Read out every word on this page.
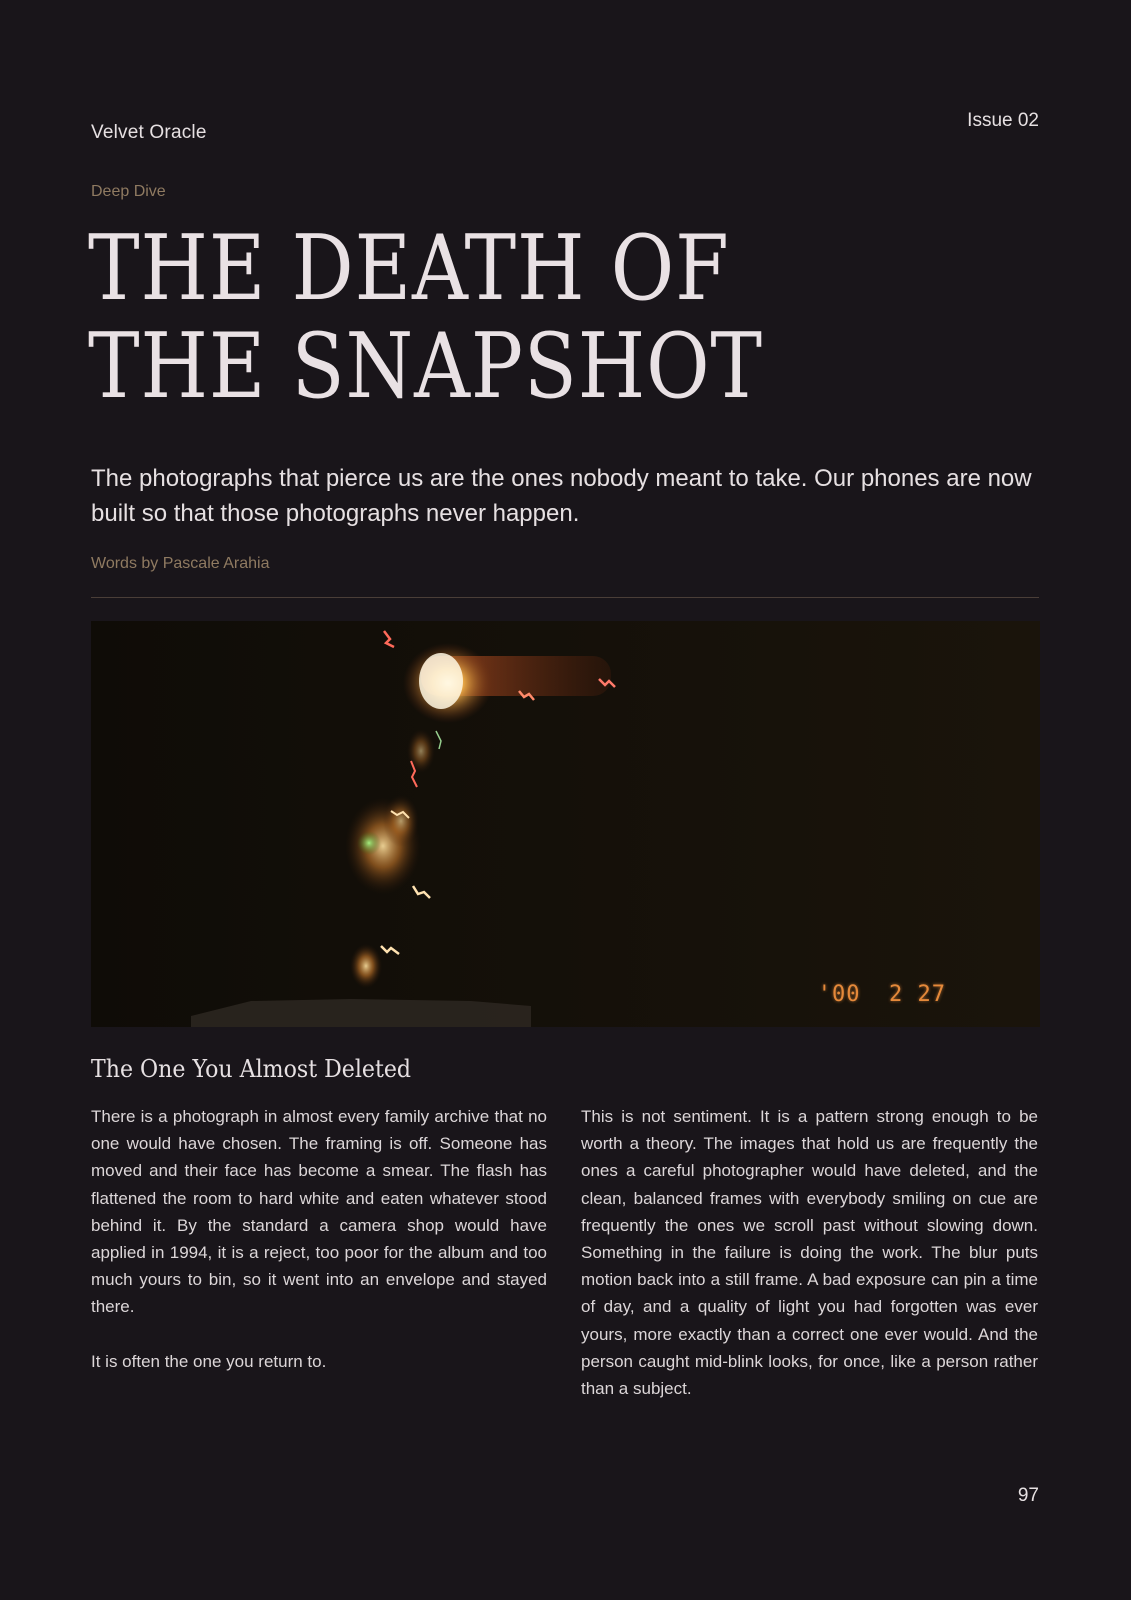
Velvet Oracle
Issue 02
Deep Dive
THE DEATH OF
THE SNAPSHOT
The photographs that pierce us are the ones nobody meant to take. Our phones are now built so that those photographs never happen.
Words by Pascale Arahia
'00  2 27
The One You Almost Deleted

There is a photograph in almost every family archive that no one would have chosen. The framing is off. Someone has moved and their face has become a smear. The flash has flattened the room to hard white and eaten whatever stood behind it. By the standard a camera shop would have applied in 1994, it is a reject, too poor for the album and too much yours to bin, so it went into an envelope and stayed there.

It is often the one you return to.

This is not sentiment. It is a pattern strong enough to be worth a theory. The images that hold us are frequently the ones a careful photographer would have deleted, and the clean, balanced frames with everybody smiling on cue are frequently the ones we scroll past without slowing down. Something in the failure is doing the work. The blur puts motion back into a still frame. A bad exposure can pin a time of day, and a quality of light you had forgotten was ever yours, more exactly than a correct one ever would. And the person caught mid-blink looks, for once, like a person rather than a subject.

97
